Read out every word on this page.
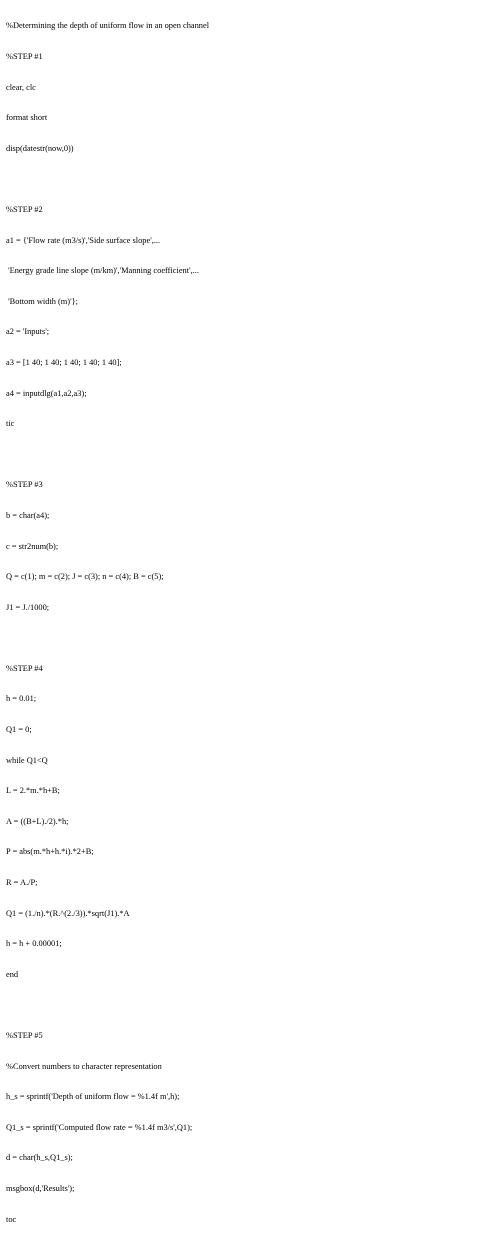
%Determining the depth of uniform flow in an open channel

%STEP #1

clear, clc

format short

disp(datestr(now,0))

%STEP #2

a1 = {'Flow rate (m3/s)','Side surface slope',...

'Energy grade line slope (m/km)','Manning coefficient',...

'Bottom width (m)'};

a2 = 'Inputs';

a3 = [1 40; 1 40; 1 40; 1 40; 1 40];

a4 = inputdlg(a1,a2,a3);

tic

%STEP #3

b = char(a4);

c = str2num(b);

Q = c(1); m = c(2); J = c(3); n = c(4); B = c(5);

J1 = J./1000;

%STEP #4

h = 0.01;

Q1 = 0;

while Q1<Q

L = 2.*m.*h+B;

A = ((B+L)./2).*h;

P = abs(m.*h+h.*i).*2+B;

R = A./P;

Q1 = (1./n).*(R.^(2./3)).*sqrt(J1).*A

h = h + 0.00001;

end

%STEP #5

%Convert numbers to character representation

h_s = sprintf('Depth of uniform flow = %1.4f m',h);

Q1_s = sprintf('Computed flow rate = %1.4f m3/s',Q1);

d = char(h_s,Q1_s);

msgbox(d,'Results');

toc
